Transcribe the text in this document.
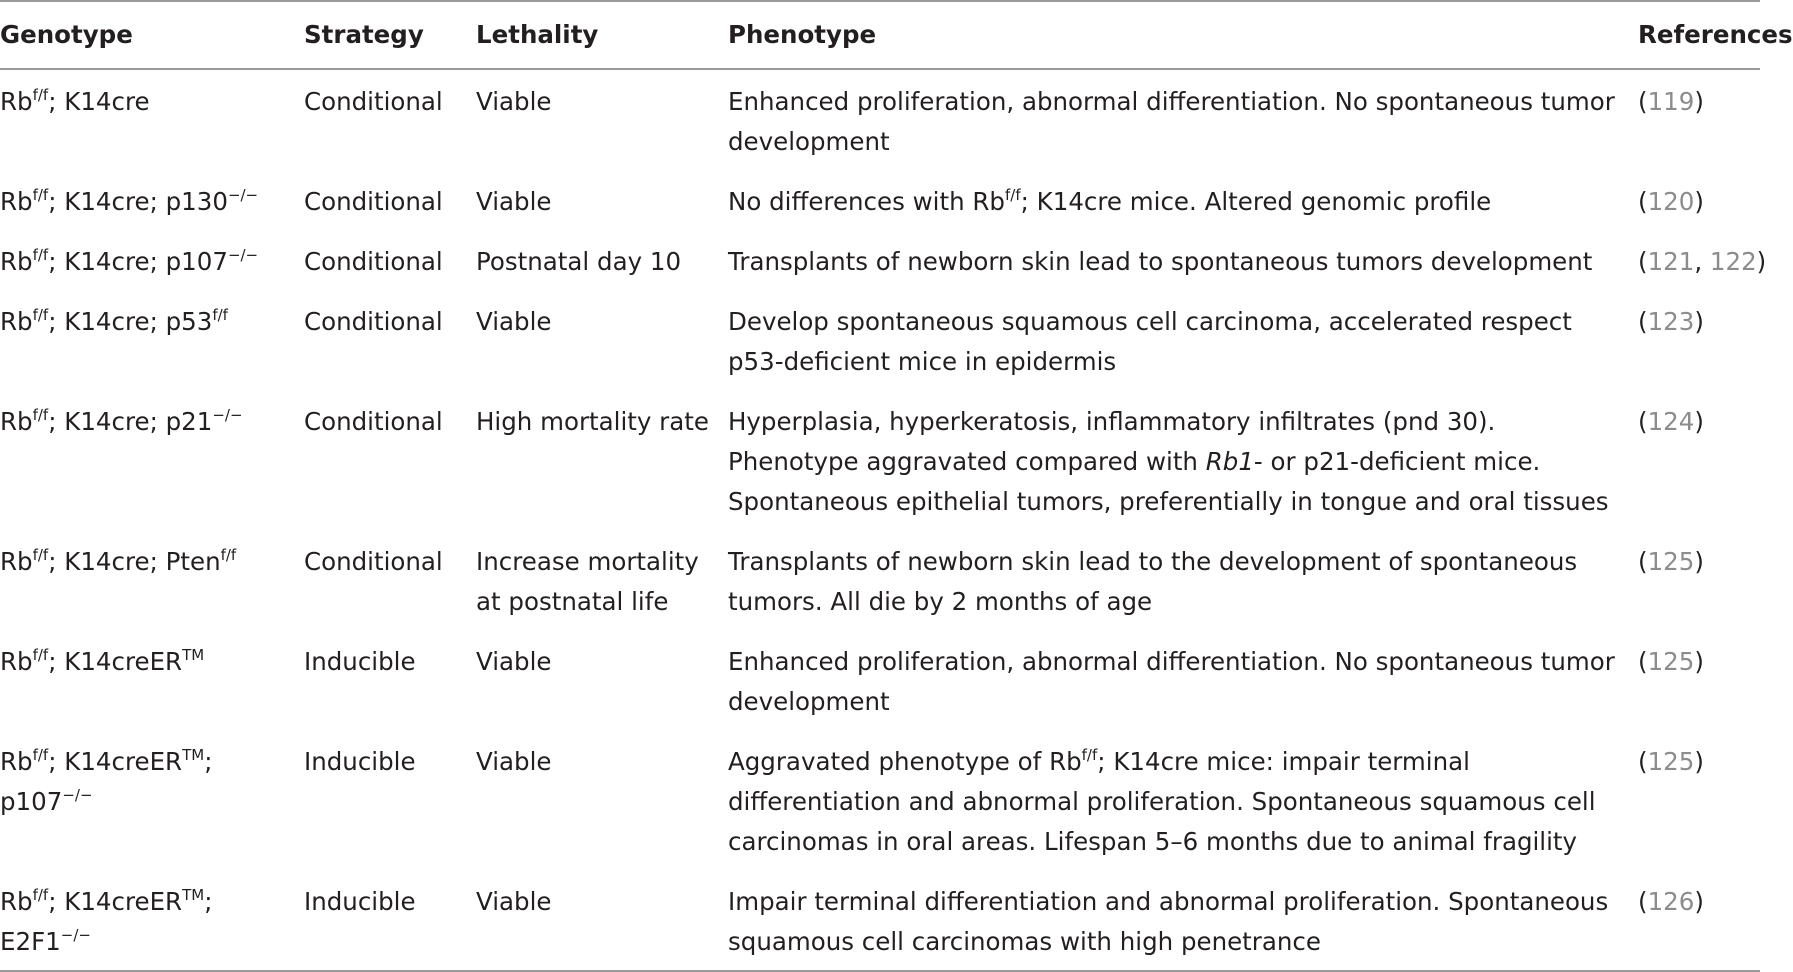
Genotype	Strategy	Lethality	Phenotype	References
$Rb^{f/f}$; K14cre	Conditional	Viable	Enhanced proliferation, abnormal differentiation. No spontaneous tumor development	(119)
$Rb^{f/f}$; K14cre; p130−/−	Conditional	Viable	No differences with $Rb^{f/f}$; K14cre mice. Altered genomic profile	(120)
$Rb^{f/f}$; K14cre; p107−/−	Conditional	Postnatal day 10	Transplants of newborn skin lead to spontaneous tumors development	(121, 122)
$Rb^{f/f}$; K14cre; $p53^{f/f}$	Conditional	Viable	Develop spontaneous squamous cell carcinoma, accelerated respect p53-deficient mice in epidermis	(123)
$Rb^{f/f}$; K14cre; p21−/−	Conditional	High mortality rate	Hyperplasia, hyperkeratosis, inflammatory infiltrates (pnd 30). Phenotype aggravated compared with Rb1- or p21-deficient mice. Spontaneous epithelial tumors, preferentially in tongue and oral tissues	(124)
$Rb^{f/f}$; K14cre; Pten$^{f/f}$	Conditional	Increase mortality at postnatal life	Transplants of newborn skin lead to the development of spontaneous tumors. All die by 2 months of age	(125)
$Rb^{f/f}$; K14creER™	Inducible	Viable	Enhanced proliferation, abnormal differentiation. No spontaneous tumor development	(125)
$Rb^{f/f}$; K14creER™;
p107−/−	Inducible	Viable	Aggravated phenotype of $Rb^{f/f}$; K14cre mice: impair terminal differentiation and abnormal proliferation. Spontaneous squamous cell carcinomas in oral areas. Lifespan 5–6 months due to animal fragility	(125)
$Rb^{f/f}$; K14creER™;
E2F1−/−	Inducible	Viable	Impair terminal differentiation and abnormal proliferation. Spontaneous squamous cell carcinomas with high penetrance	(126)
